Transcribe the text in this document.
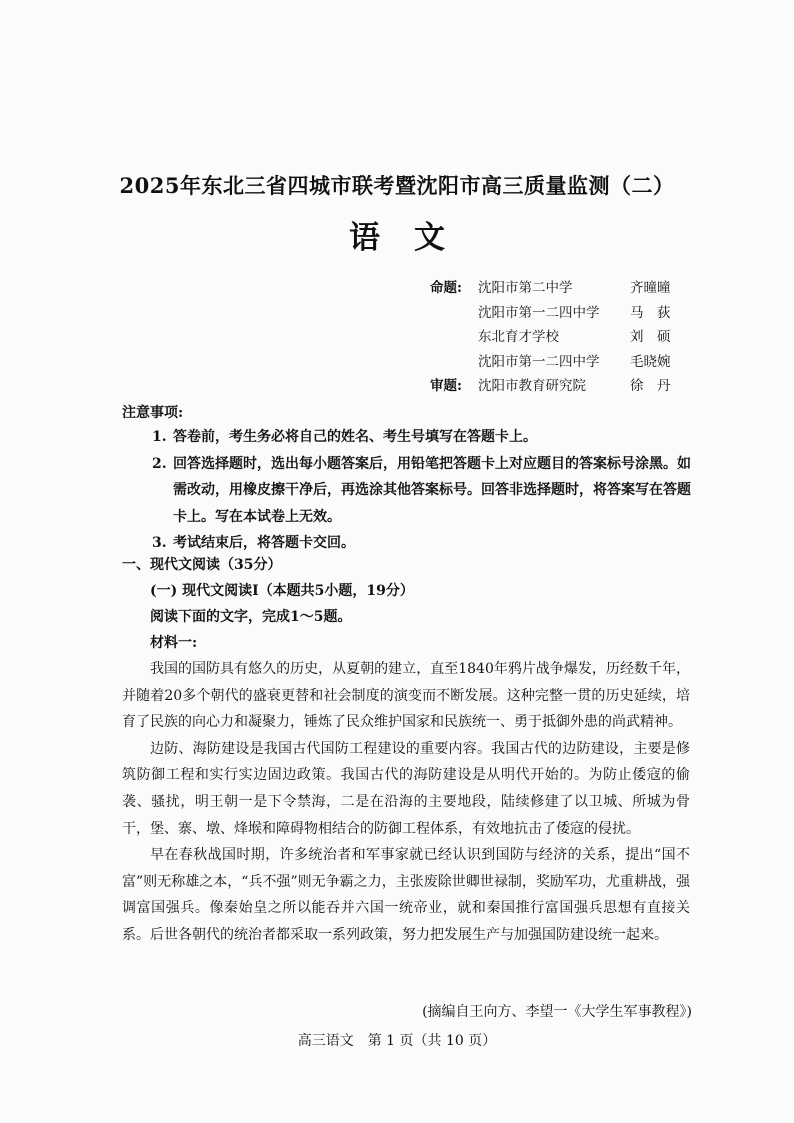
2025年东北三省四城市联考暨沈阳市高三质量监测（二）
语文
命题:	沈阳市第二中学	齐曈曈
沈阳市第一二四中学	马　荻
东北育才学校	刘　硕
沈阳市第一二四中学	毛晓婉
审题:	沈阳市教育研究院	徐　丹
注意事项:
1. 答卷前，考生务必将自己的姓名、考生号填写在答题卡上。
2. 回答选择题时，选出每小题答案后，用铅笔把答题卡上对应题目的答案标号涂黑。如需改动，用橡皮擦干净后，再选涂其他答案标号。回答非选择题时，将答案写在答题卡上。写在本试卷上无效。
3. 考试结束后，将答题卡交回。
一、现代文阅读（35分）
(一) 现代文阅读Ⅰ（本题共5小题，19分）
阅读下面的文字，完成1～5题。
材料一:

我国的国防具有悠久的历史，从夏朝的建立，直至1840年鸦片战争爆发，历经数千年，并随着20多个朝代的盛衰更替和社会制度的演变而不断发展。这种完整一贯的历史延续，培育了民族的向心力和凝聚力，锤炼了民众维护国家和民族统一、勇于抵御外患的尚武精神。

边防、海防建设是我国古代国防工程建设的重要内容。我国古代的边防建设，主要是修筑防御工程和实行实边固边政策。我国古代的海防建设是从明代开始的。为防止倭寇的偷袭、骚扰，明王朝一是下令禁海，二是在沿海的主要地段，陆续修建了以卫城、所城为骨干，堡、寨、墩、烽堠和障碍物相结合的防御工程体系，有效地抗击了倭寇的侵扰。

早在春秋战国时期，许多统治者和军事家就已经认识到国防与经济的关系，提出“国不富”则无称雄之本，“兵不强”则无争霸之力，主张废除世卿世禄制，奖励军功，尤重耕战，强调富国强兵。像秦始皇之所以能吞并六国一统帝业，就和秦国推行富国强兵思想有直接关系。后世各朝代的统治者都采取一系列政策，努力把发展生产与加强国防建设统一起来。

(摘编自王向方、李望一《大学生军事教程》)
高三语文　第 1 页（共 10 页）
